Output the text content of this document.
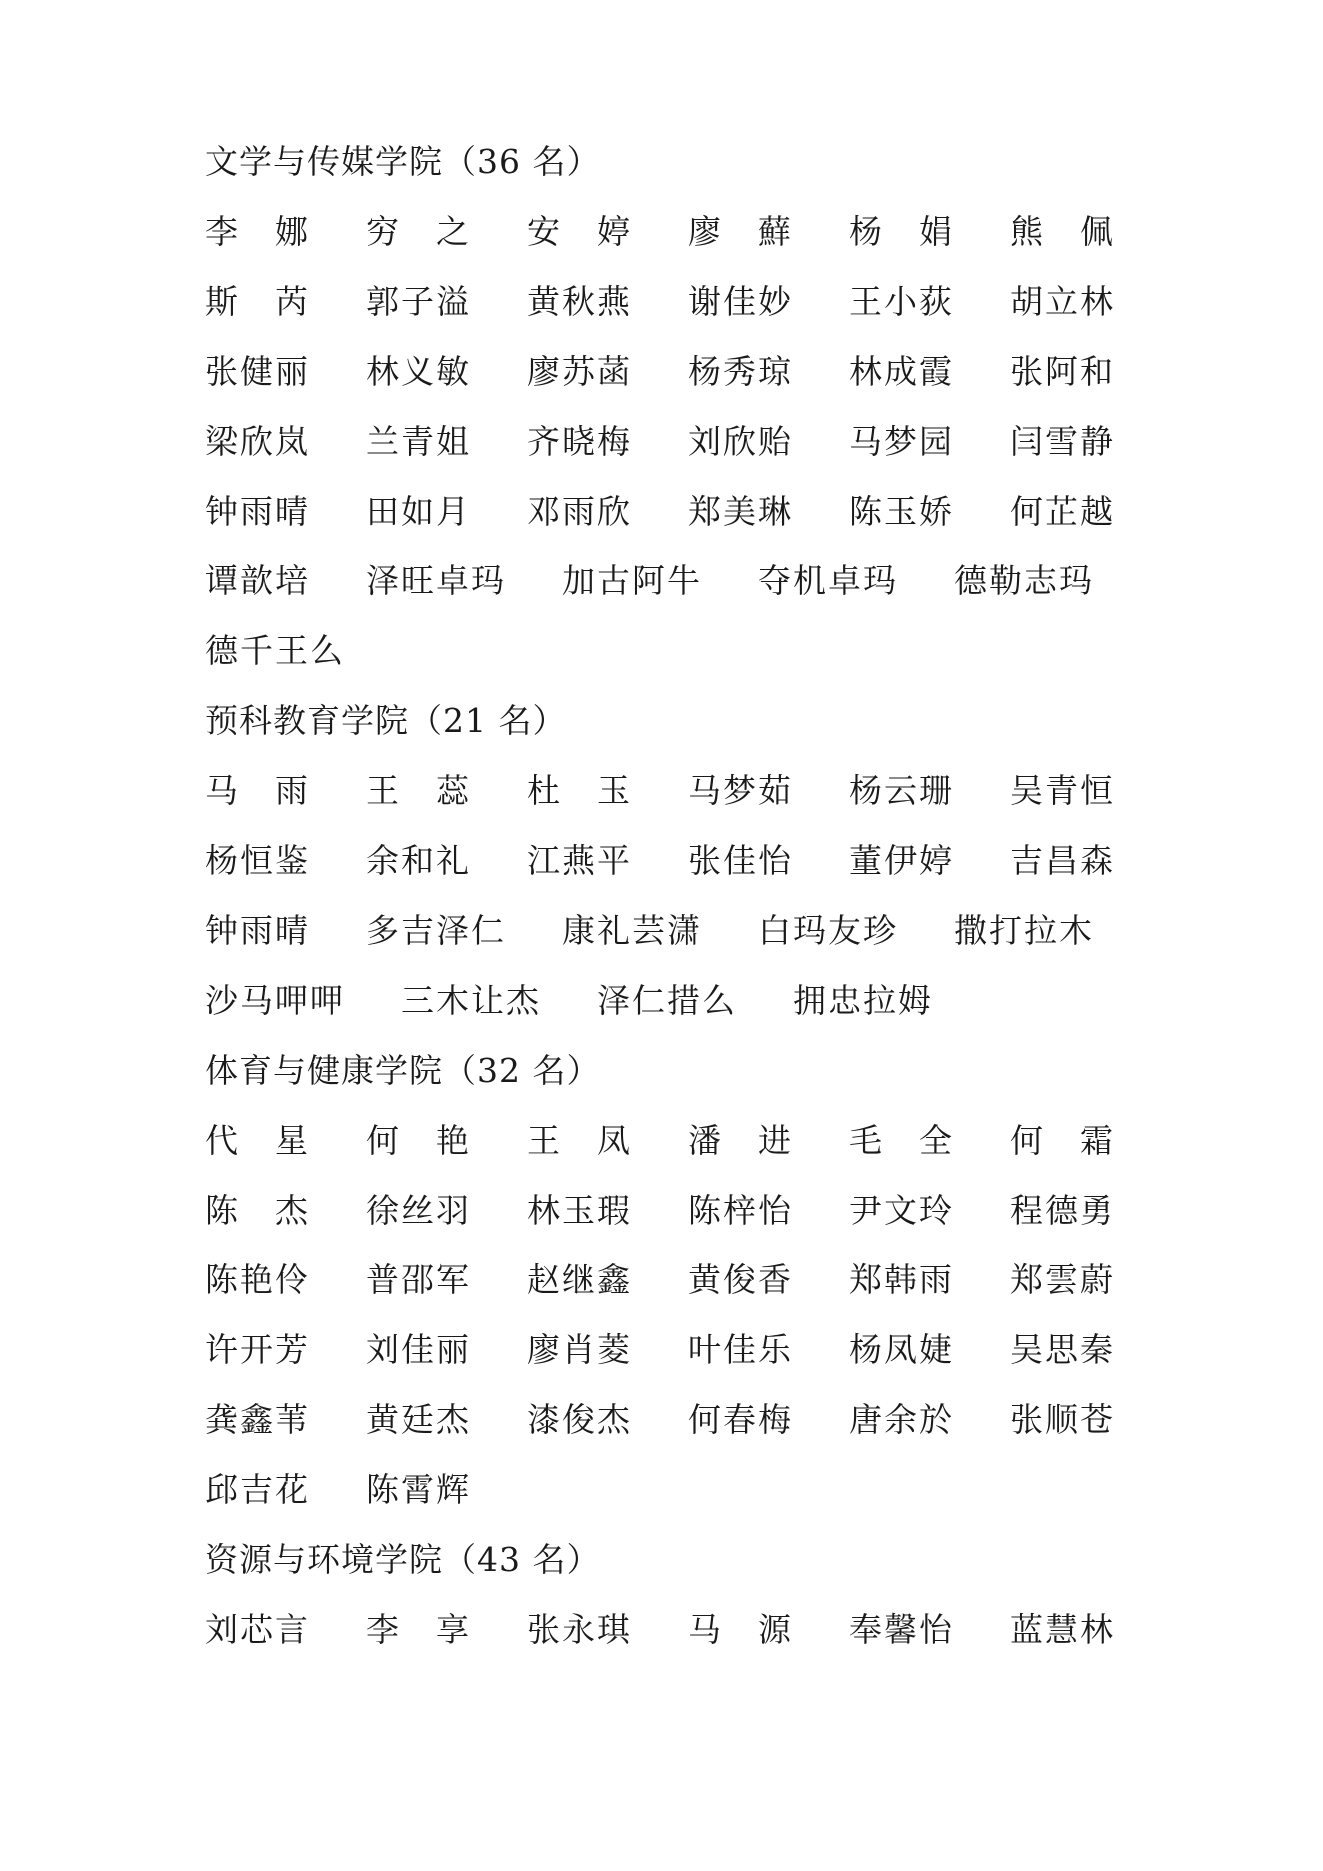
文学与传媒学院（36 名）
李　娜 穷　之 安　婷 廖　蘚 杨　娟 熊　佩
斯　芮 郭子溢 黄秋燕 谢佳妙 王小荻 胡立林
张健丽 林义敏 廖苏菡 杨秀琼 林成霞 张阿和
梁欣岚 兰青姐 齐晓梅 刘欣贻 马梦园 闫雪静
钟雨晴 田如月 邓雨欣 郑美琳 陈玉娇 何芷越
谭歆培 泽旺卓玛 加古阿牛 夺机卓玛 德勒志玛
德千王么
预科教育学院（21 名）
马　雨 王　蕊 杜　玉 马梦茹 杨云珊 吴青恒
杨恒鉴 余和礼 江燕平 张佳怡 董伊婷 吉昌森
钟雨晴 多吉泽仁 康礼芸潇 白玛友珍 撒打拉木
沙马呷呷 三木让杰 泽仁措么 拥忠拉姆
体育与健康学院（32 名）
代　星 何　艳 王　凤 潘　进 毛　全 何　霜
陈　杰 徐丝羽 林玉瑕 陈梓怡 尹文玲 程德勇
陈艳伶 普邵军 赵继鑫 黄俊香 郑韩雨 郑雲蔚
许开芳 刘佳丽 廖肖菱 叶佳乐 杨凤婕 吴思秦
龚鑫苇 黄廷杰 漆俊杰 何春梅 唐余於 张顺苍
邱吉花 陈霄辉
资源与环境学院（43 名）
刘芯言 李　享 张永琪 马　源 奉馨怡 蓝慧林
